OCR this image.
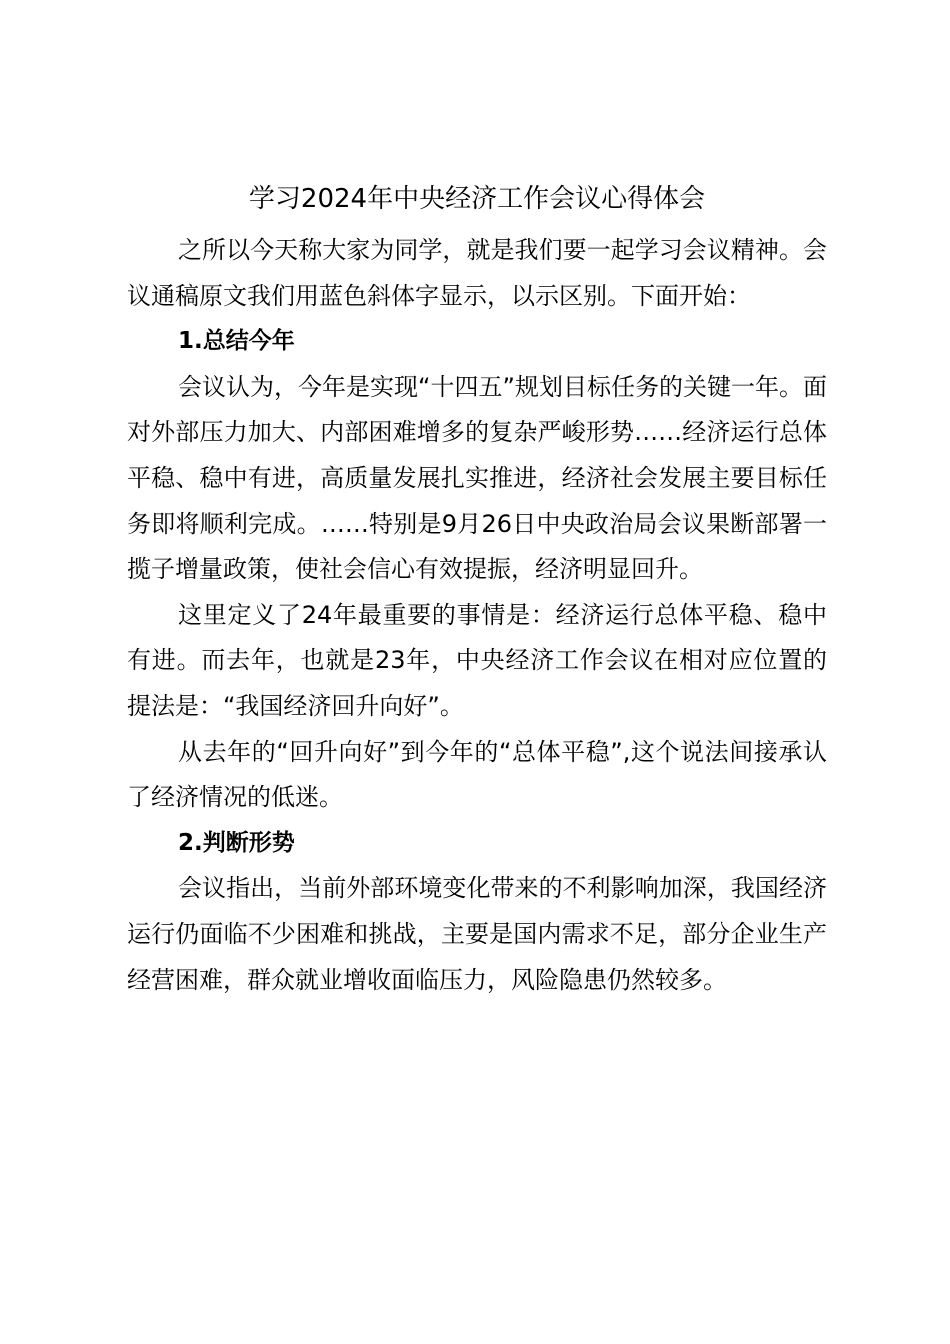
学习2024年中央经济工作会议心得体会

之所以今天称大家为同学，就是我们要一起学习会议精神。会议通稿原文我们用蓝色斜体字显示，以示区别。下面开始：

1.总结今年

会议认为，今年是实现“十四五”规划目标任务的关键一年。面对外部压力加大、内部困难增多的复杂严峻形势……经济运行总体平稳、稳中有进，高质量发展扎实推进，经济社会发展主要目标任务即将顺利完成。……特别是9月26日中央政治局会议果断部署一揽子增量政策，使社会信心有效提振，经济明显回升。

这里定义了24年最重要的事情是：经济运行总体平稳、稳中有进。而去年，也就是23年，中央经济工作会议在相对应位置的提法是：“我国经济回升向好”。

从去年的“回升向好”到今年的“总体平稳”,这个说法间接承认了经济情况的低迷。

2.判断形势

会议指出，当前外部环境变化带来的不利影响加深，我国经济运行仍面临不少困难和挑战，主要是国内需求不足，部分企业生产经营困难，群众就业增收面临压力，风险隐患仍然较多。
